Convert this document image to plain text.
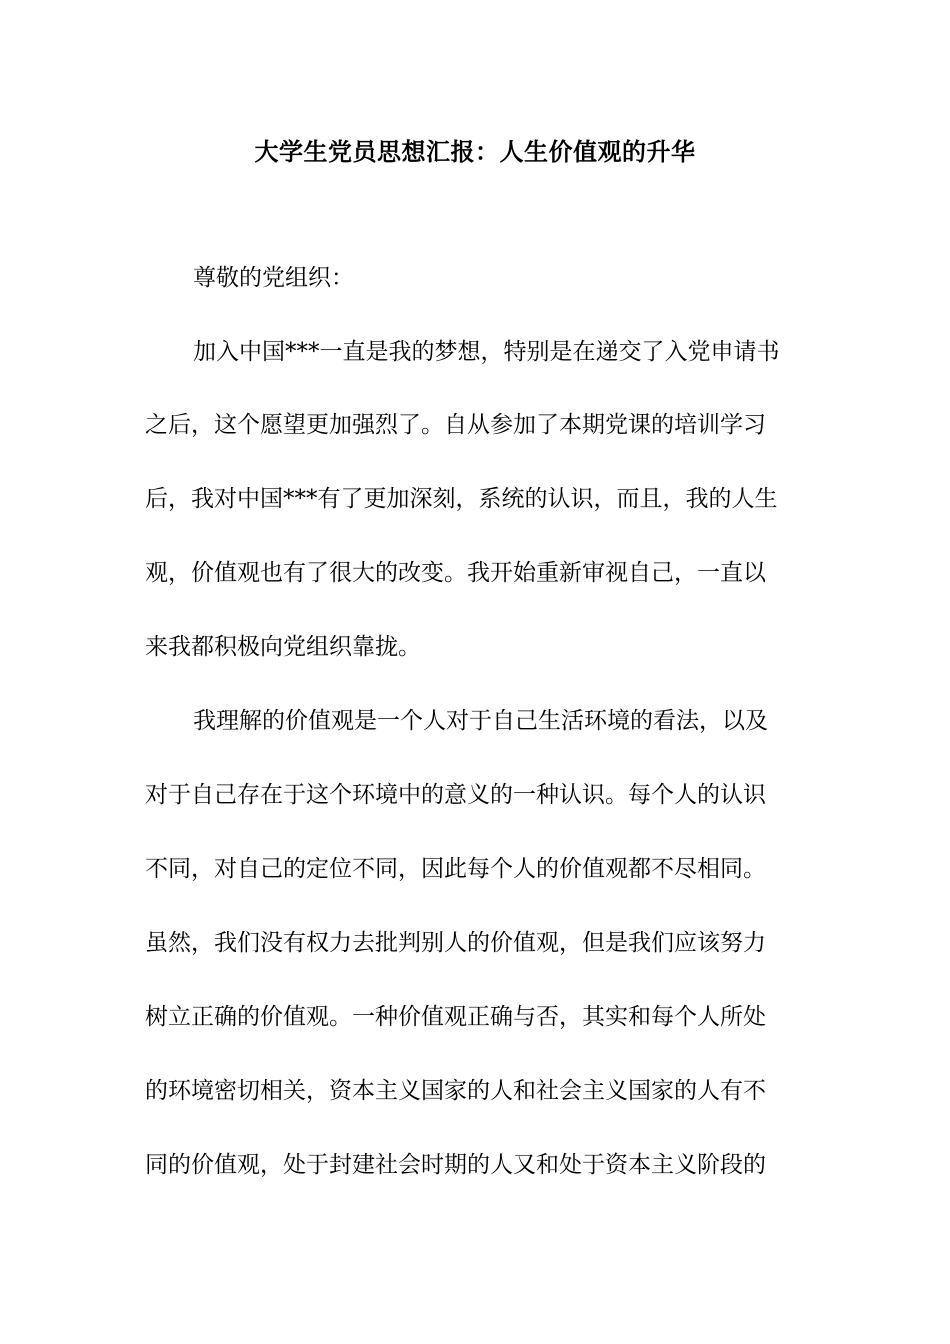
大学生党员思想汇报：人生价值观的升华
尊敬的党组织：
加入中国***一直是我的梦想，特别是在递交了入党申请书
之后，这个愿望更加强烈了。自从参加了本期党课的培训学习
后，我对中国***有了更加深刻，系统的认识，而且，我的人生
观，价值观也有了很大的改变。我开始重新审视自己，一直以
来我都积极向党组织靠拢。
我理解的价值观是一个人对于自己生活环境的看法，以及
对于自己存在于这个环境中的意义的一种认识。每个人的认识
不同，对自己的定位不同，因此每个人的价值观都不尽相同。
虽然，我们没有权力去批判别人的价值观，但是我们应该努力
树立正确的价值观。一种价值观正确与否，其实和每个人所处
的环境密切相关，资本主义国家的人和社会主义国家的人有不
同的价值观，处于封建社会时期的人又和处于资本主义阶段的
